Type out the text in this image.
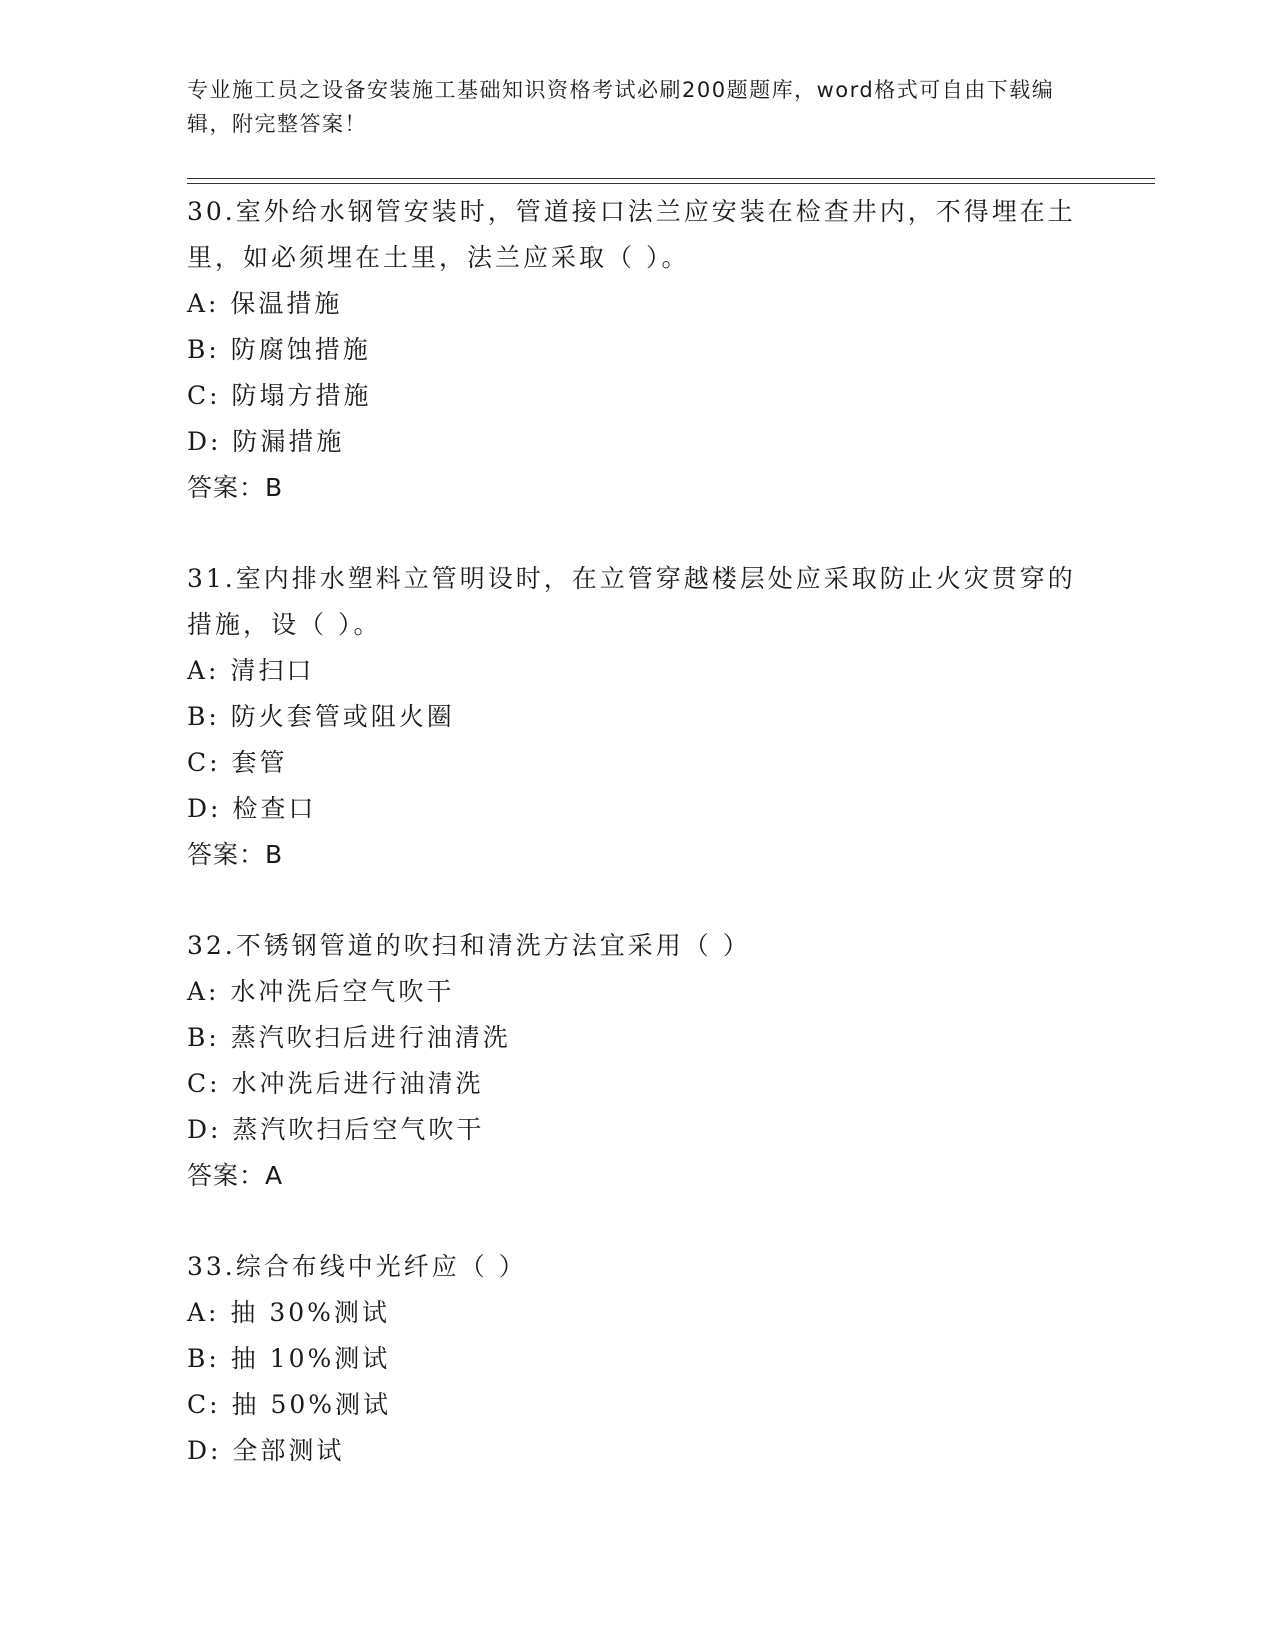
专业施工员之设备安装施工基础知识资格考试必刷200题题库，word格式可自由下载编辑，附完整答案！
30.室外给水钢管安装时，管道接口法兰应安装在检查井内，不得埋在土里，如必须埋在土里，法兰应采取（ ）。
A: 保温措施
B: 防腐蚀措施
C: 防塌方措施
D: 防漏措施
答案：B
31.室内排水塑料立管明设时，在立管穿越楼层处应采取防止火灾贯穿的措施，设（ ）。
A: 清扫口
B: 防火套管或阻火圈
C: 套管
D: 检查口
答案：B
32.不锈钢管道的吹扫和清洗方法宜采用（ ）
A: 水冲洗后空气吹干
B: 蒸汽吹扫后进行油清洗
C: 水冲洗后进行油清洗
D: 蒸汽吹扫后空气吹干
答案：A
33.综合布线中光纤应（ ）
A: 抽 30%测试
B: 抽 10%测试
C: 抽 50%测试
D: 全部测试
